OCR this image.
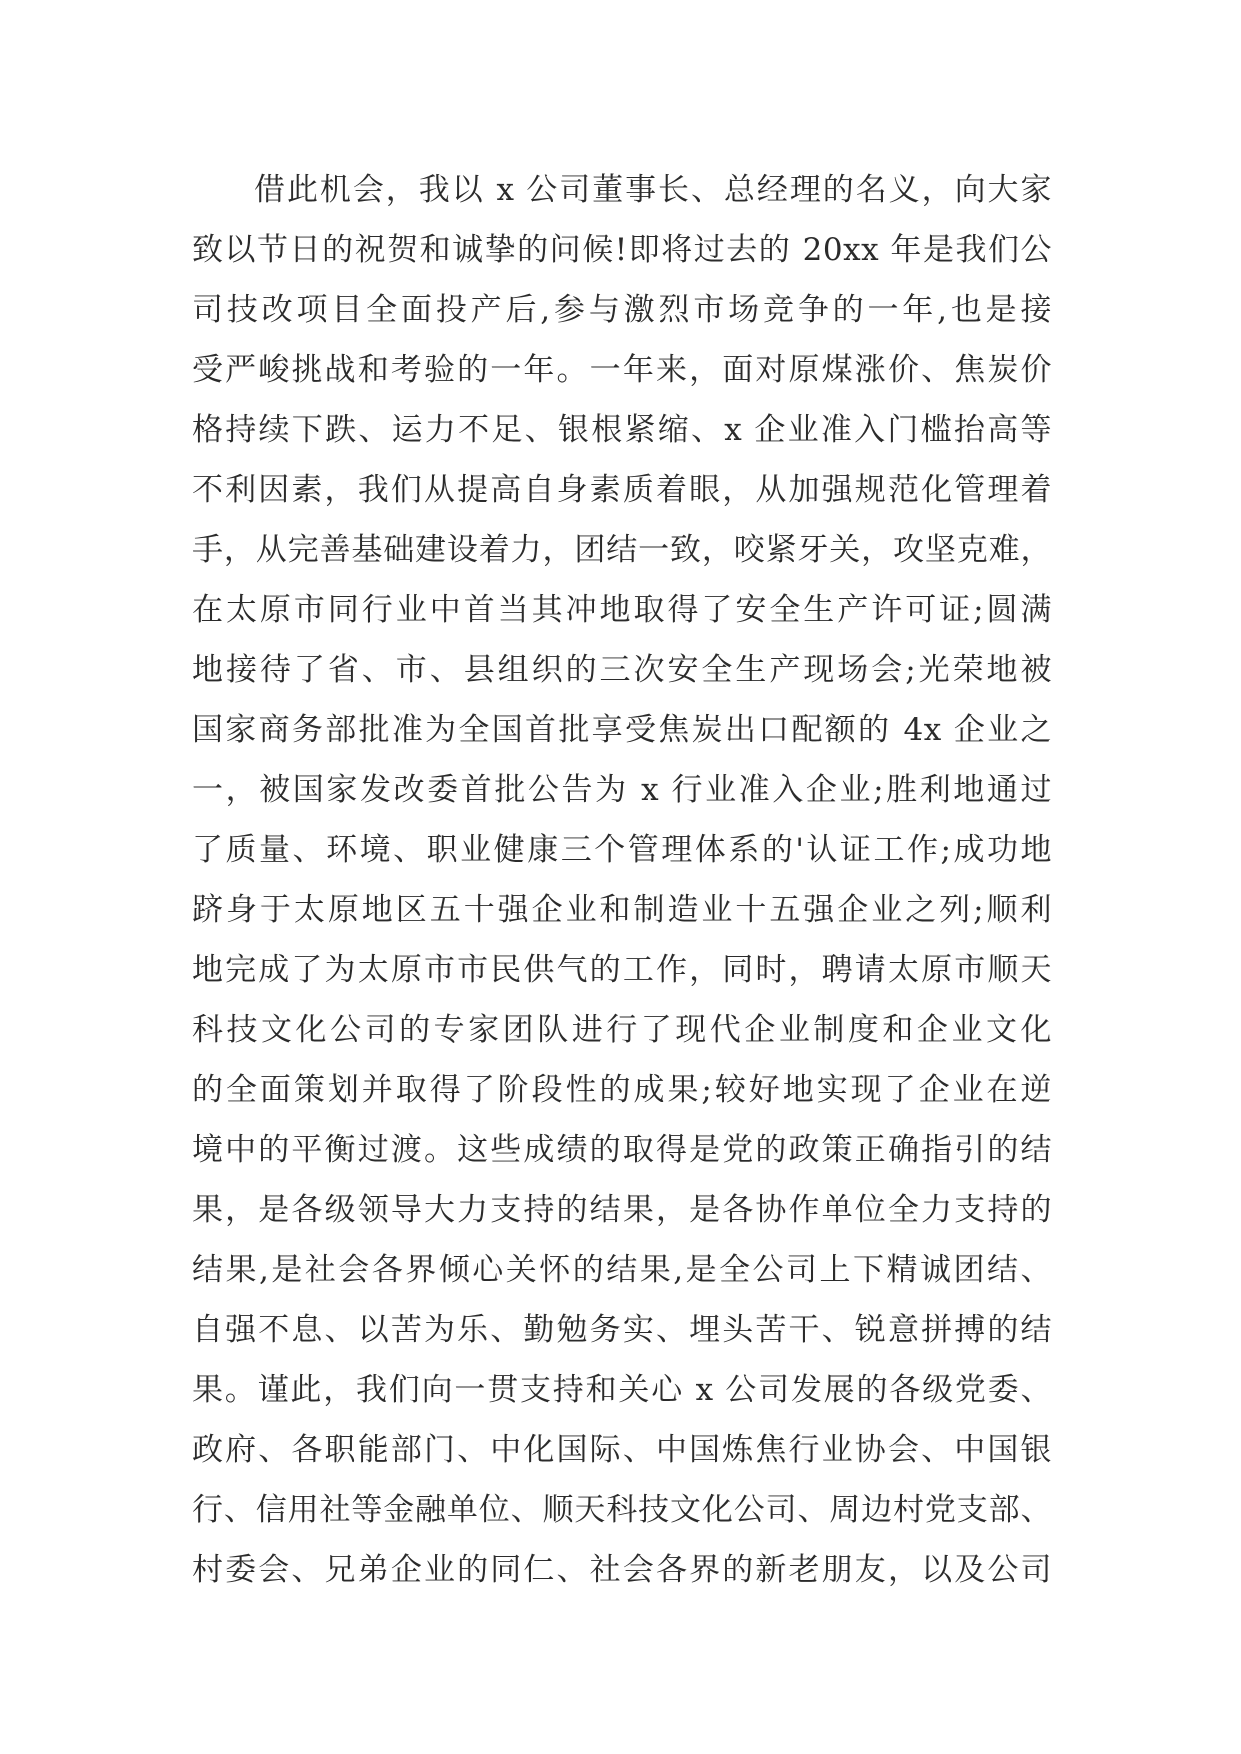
借此机会，我以 x 公司董事长、总经理的名义，向大家
致以节日的祝贺和诚挚的问候!即将过去的 20xx 年是我们公
司技改项目全面投产后,参与激烈市场竞争的一年,也是接
受严峻挑战和考验的一年。一年来，面对原煤涨价、焦炭价
格持续下跌、运力不足、银根紧缩、x 企业准入门槛抬高等
不利因素，我们从提高自身素质着眼，从加强规范化管理着
手，从完善基础建设着力，团结一致，咬紧牙关，攻坚克难，
在太原市同行业中首当其冲地取得了安全生产许可证;圆满
地接待了省、市、县组织的三次安全生产现场会;光荣地被
国家商务部批准为全国首批享受焦炭出口配额的 4x 企业之
一，被国家发改委首批公告为 x 行业准入企业;胜利地通过
了质量、环境、职业健康三个管理体系的'认证工作;成功地
跻身于太原地区五十强企业和制造业十五强企业之列;顺利
地完成了为太原市市民供气的工作，同时，聘请太原市顺天
科技文化公司的专家团队进行了现代企业制度和企业文化
的全面策划并取得了阶段性的成果;较好地实现了企业在逆
境中的平衡过渡。这些成绩的取得是党的政策正确指引的结
果，是各级领导大力支持的结果，是各协作单位全力支持的
结果,是社会各界倾心关怀的结果,是全公司上下精诚团结、
自强不息、以苦为乐、勤勉务实、埋头苦干、锐意拼搏的结
果。谨此，我们向一贯支持和关心 x 公司发展的各级党委、
政府、各职能部门、中化国际、中国炼焦行业协会、中国银
行、信用社等金融单位、顺天科技文化公司、周边村党支部、
村委会、兄弟企业的同仁、社会各界的新老朋友，以及公司
